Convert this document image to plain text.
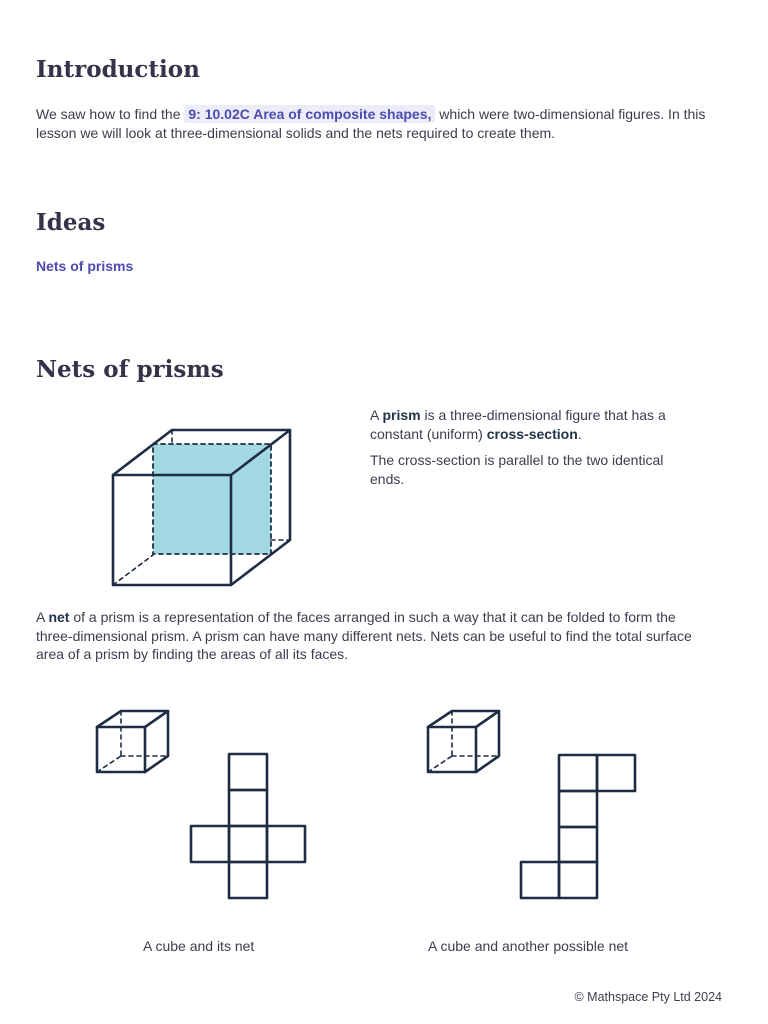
Introduction

We saw how to find the 9: 10.02C Area of composite shapes, which were two-dimensional figures. In this lesson we will look at three-dimensional solids and the nets required to create them.

Ideas
Nets of prisms
Nets of prisms

A prism is a three-dimensional figure that has a constant (uniform) cross-section.

The cross-section is parallel to the two identical ends.

A net of a prism is a representation of the faces arranged in such a way that it can be folded to form the three-dimensional prism. A prism can have many different nets. Nets can be useful to find the total surface area of a prism by finding the areas of all its faces.

A cube and its net	A cube and another possible net
© Mathspace Pty Ltd 2024
